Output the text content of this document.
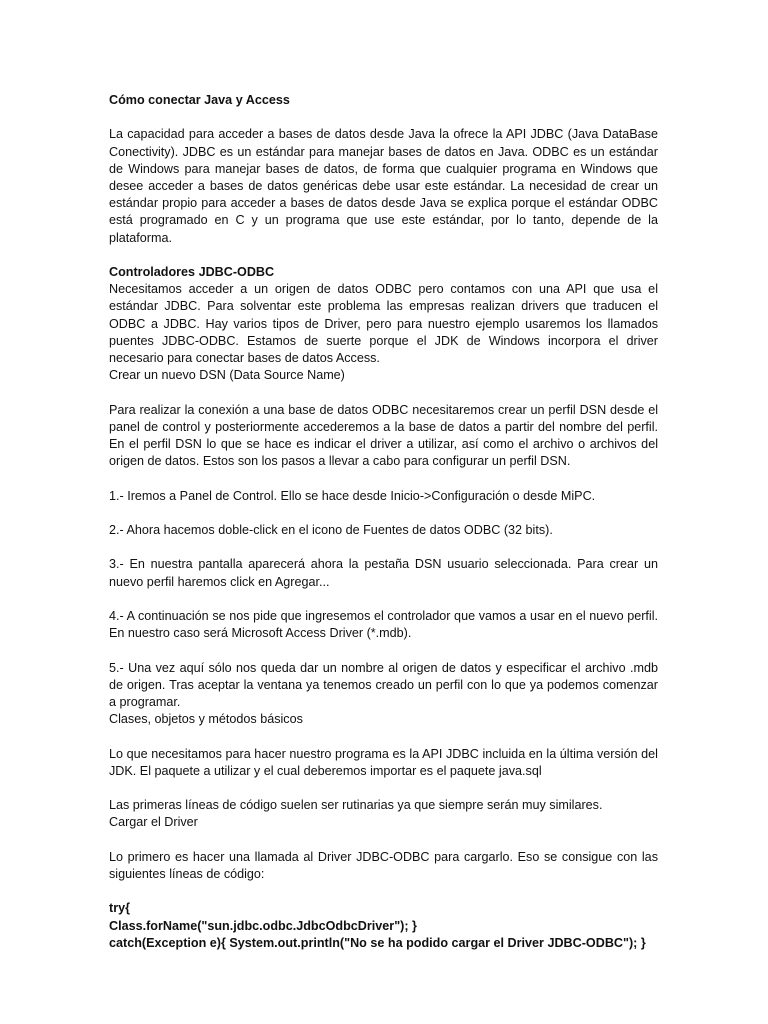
Cómo conectar Java y Access

La capacidad para acceder a bases de datos desde Java la ofrece la API JDBC (Java DataBase Conectivity). JDBC es un estándar para manejar bases de datos en Java. ODBC es un estándar de Windows para manejar bases de datos, de forma que cualquier programa en Windows que desee acceder a bases de datos genéricas debe usar este estándar. La necesidad de crear un estándar propio para acceder a bases de datos desde Java se explica porque el estándar ODBC está programado en C y un programa que use este estándar, por lo tanto, depende de la plataforma.

Controladores JDBC-ODBC
Necesitamos acceder a un origen de datos ODBC pero contamos con una API que usa el estándar JDBC. Para solventar este problema las empresas realizan drivers que traducen el ODBC a JDBC. Hay varios tipos de Driver, pero para nuestro ejemplo usaremos los llamados puentes JDBC-ODBC. Estamos de suerte porque el JDK de Windows incorpora el driver necesario para conectar bases de datos Access.

Crear un nuevo DSN (Data Source Name)

Para realizar la conexión a una base de datos ODBC necesitaremos crear un perfil DSN desde el panel de control y posteriormente accederemos a la base de datos a partir del nombre del perfil. En el perfil DSN lo que se hace es indicar el driver a utilizar, así como el archivo o archivos del origen de datos. Estos son los pasos a llevar a cabo para configurar un perfil DSN.

1.- Iremos a Panel de Control. Ello se hace desde Inicio->Configuración o desde MiPC.

2.- Ahora hacemos doble-click en el icono de Fuentes de datos ODBC (32 bits).

3.- En nuestra pantalla aparecerá ahora la pestaña DSN usuario seleccionada. Para crear un nuevo perfil haremos click en Agregar...

4.- A continuación se nos pide que ingresemos el controlador que vamos a usar en el nuevo perfil. En nuestro caso será Microsoft Access Driver (*.mdb).

5.- Una vez aquí sólo nos queda dar un nombre al origen de datos y especificar el archivo .mdb de origen. Tras aceptar la ventana ya tenemos creado un perfil con lo que ya podemos comenzar a programar.

Clases, objetos y métodos básicos

Lo que necesitamos para hacer nuestro programa es la API JDBC incluida en la última versión del JDK. El paquete a utilizar y el cual deberemos importar es el paquete java.sql

Las primeras líneas de código suelen ser rutinarias ya que siempre serán muy similares.

Cargar el Driver

Lo primero es hacer una llamada al Driver JDBC-ODBC para cargarlo. Eso se consigue con las siguientes líneas de código:

try{
Class.forName("sun.jdbc.odbc.JdbcOdbcDriver"); }
catch(Exception e){ System.out.println("No se ha podido cargar el Driver JDBC-ODBC"); }
